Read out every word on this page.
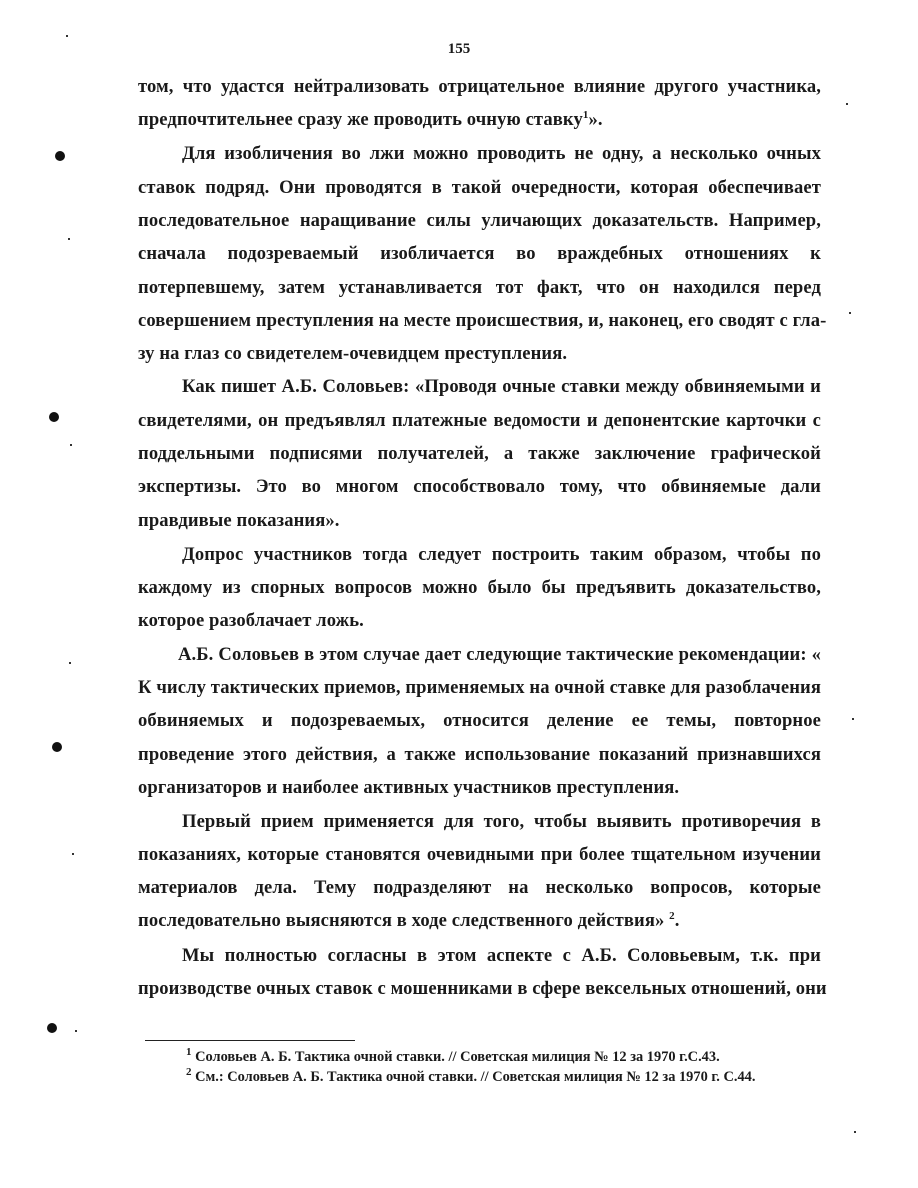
155
том, что удастся нейтрализовать отрицательное влияние другого участника,
предпочтительнее сразу же проводить очную ставку$^1$».
Для изобличения во лжи можно проводить не одну, а несколько очных
ставок подряд. Они проводятся в такой очередности, которая обеспечивает
последовательное наращивание силы уличающих доказательств. Например,
сначала подозреваемый изобличается во враждебных отношениях к
потерпевшему, затем устанавливается тот факт, что он находился перед
совершением преступления на месте происшествия, и, наконец, его сводят с гла-
зу на глаз со свидетелем-очевидцем преступления.
Как пишет А.Б. Соловьев: «Проводя очные ставки между обвиняемыми и
свидетелями, он предъявлял платежные ведомости и депонентские карточки с
поддельными подписями получателей, а также заключение графической
экспертизы. Это во многом способствовало тому, что обвиняемые дали
правдивые показания».
Допрос участников тогда следует построить таким образом, чтобы по
каждому из спорных вопросов можно было бы предъявить доказательство,
которое разоблачает ложь.
А.Б. Соловьев в этом случае дает следующие тактические рекомендации: «
К числу тактических приемов, применяемых на очной ставке для разоблачения
обвиняемых и подозреваемых, относится деление ее темы, повторное
проведение этого действия, а также использование показаний признавшихся
организаторов и наиболее активных участников преступления.
Первый прием применяется для того, чтобы выявить противоречия в
показаниях, которые становятся очевидными при более тщательном изучении
материалов дела. Тему подразделяют на несколько вопросов, которые
последовательно выясняются в ходе следственного действия» $^2$.
Мы полностью согласны в этом аспекте с А.Б. Соловьевым, т.к. при
производстве очных ставок с мошенниками в сфере вексельных отношений, они
$^1$ Соловьев А. Б. Тактика очной ставки. // Советская милиция № 12 за 1970 г.С.43.
$^2$ См.: Соловьев А. Б. Тактика очной ставки. // Советская милиция № 12 за 1970 г. С.44.
